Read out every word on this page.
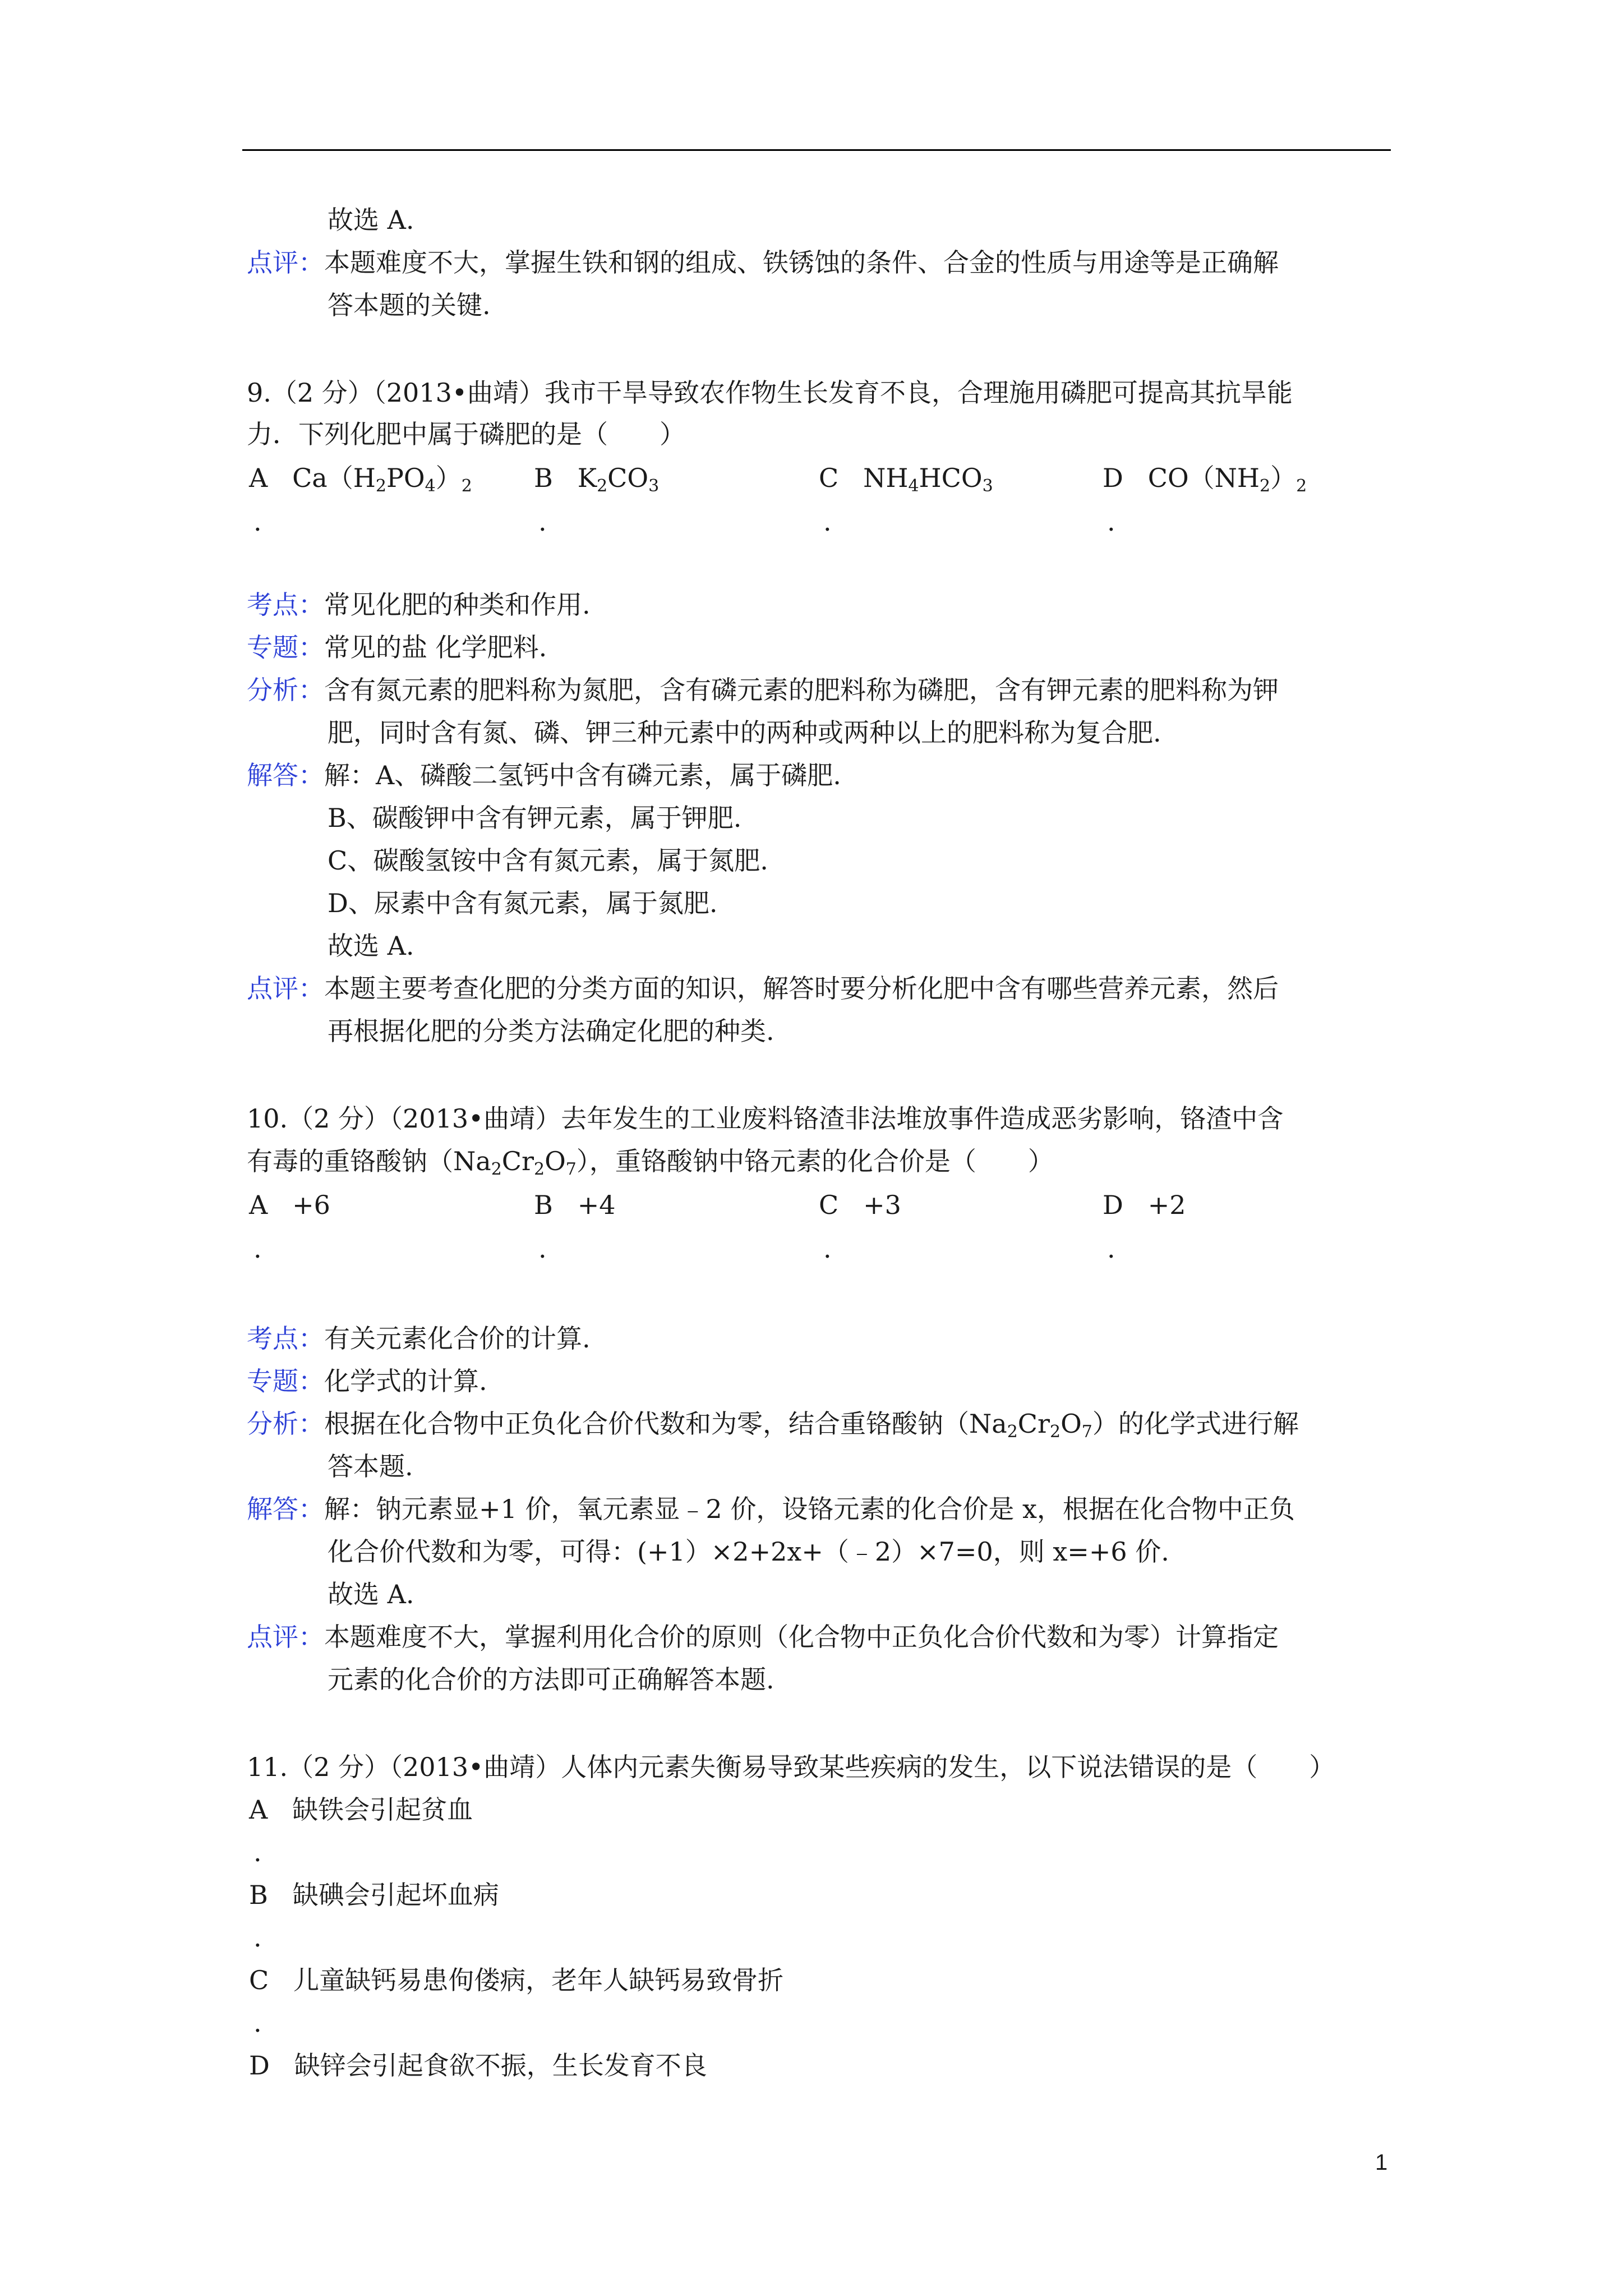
故选 A.
点评：本题难度不大，掌握生铁和钢的组成、铁锈蚀的条件、合金的性质与用途等是正确解
答本题的关键.
9.（2 分）（2013•曲靖）我市干旱导致农作物生长发育不良，合理施用磷肥可提高其抗旱能
力．下列化肥中属于磷肥的是（　　）
A $Ca(H_2PO_4)_2$ B $K_2CO_3$	C $NH_4HCO_3$	D $CO(NH_2)_2$
.	.	.	.
考点：常见化肥的种类和作用.
专题：常见的盐 化学肥料.
分析：含有氮元素的肥料称为氮肥，含有磷元素的肥料称为磷肥，含有钾元素的肥料称为钾
肥，同时含有氮、磷、钾三种元素中的两种或两种以上的肥料称为复合肥.
解答：解：A、磷酸二氢钙中含有磷元素，属于磷肥.
B、碳酸钾中含有钾元素，属于钾肥.
C、碳酸氢铵中含有氮元素，属于氮肥.
D、尿素中含有氮元素，属于氮肥.
故选 A.
点评：本题主要考查化肥的分类方面的知识，解答时要分析化肥中含有哪些营养元素，然后
再根据化肥的分类方法确定化肥的种类.
10.（2 分）（2013•曲靖）去年发生的工业废料铬渣非法堆放事件造成恶劣影响，铬渣中含
有毒的重铬酸钠$(Na_2Cr_2O_7)$，重铬酸钠中铬元素的化合价是（　　）
A +6	B +4	C +3	D +2
.	.	.	.
考点：有关元素化合价的计算.
专题：化学式的计算.
分析：根据在化合物中正负化合价代数和为零，结合重铬酸钠$(Na_2Cr_2O_7)$的化学式进行解
答本题.
解答：解：钠元素显+1 价，氧元素显﹣2 价，设铬元素的化合价是 x，根据在化合物中正负
化合价代数和为零，可得：(+1）×2+2x+（﹣2）×7=0，则 x=+6 价.
故选 A.
点评：本题难度不大，掌握利用化合价的原则（化合物中正负化合价代数和为零）计算指定
元素的化合价的方法即可正确解答本题.
11.（2 分）（2013•曲靖）人体内元素失衡易导致某些疾病的发生，以下说法错误的是（　　）
A 缺铁会引起贫血
.
B 缺碘会引起坏血病
.
C 儿童缺钙易患佝偻病，老年人缺钙易致骨折
.
D 缺锌会引起食欲不振，生长发育不良
1
